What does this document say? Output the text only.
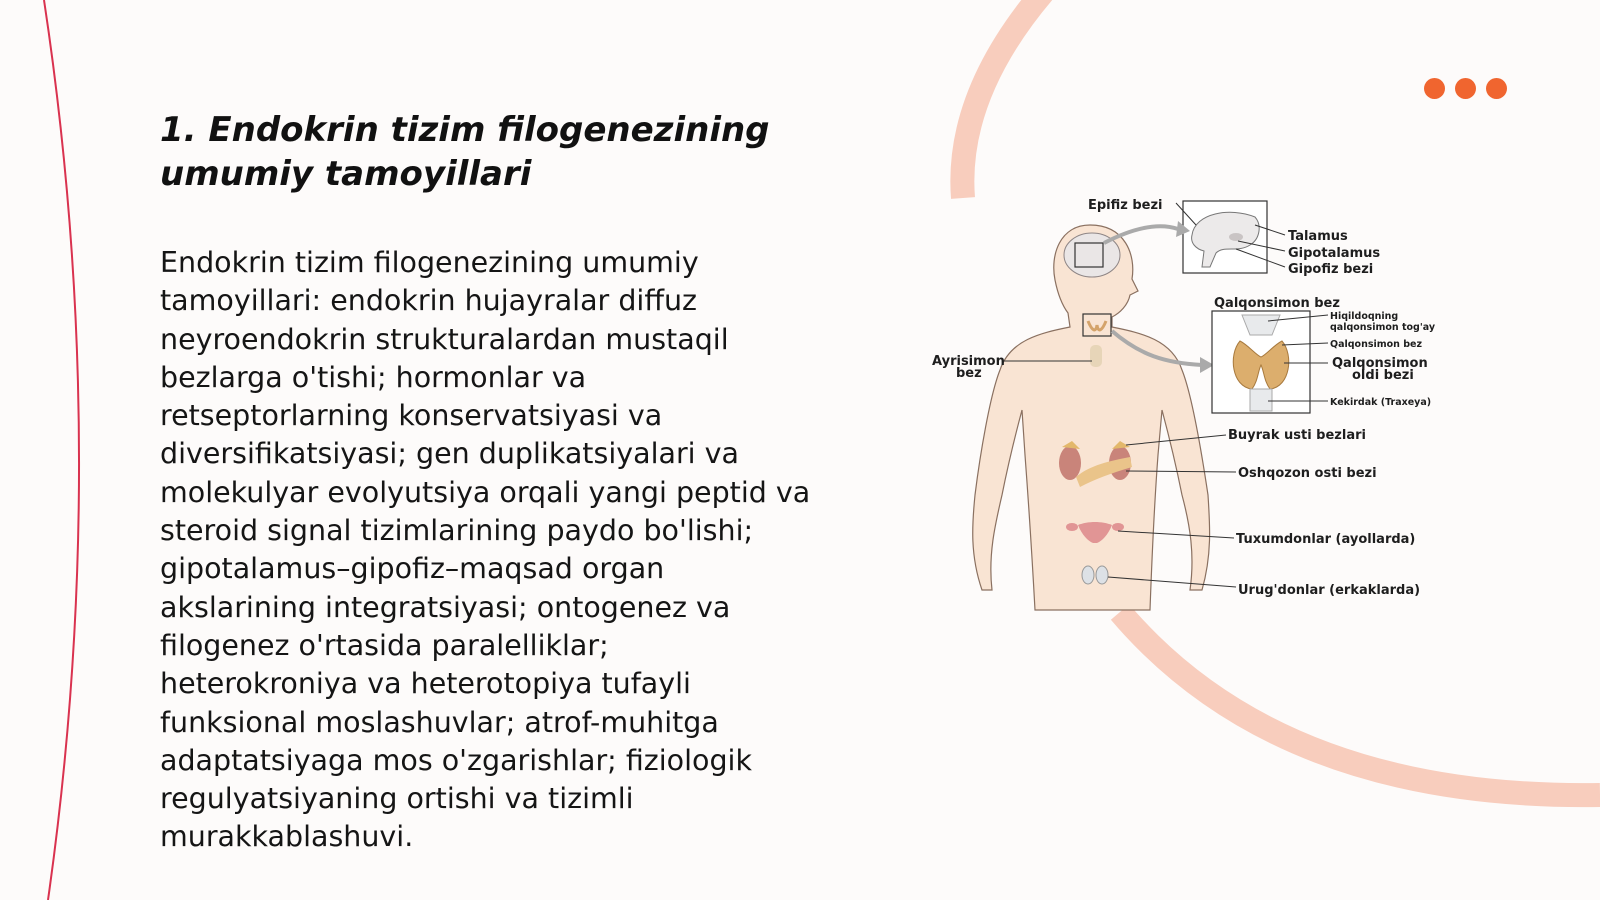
1. Endokrin tizim filogenezining
umumiy tamoyillari

Endokrin tizim filogenezining umumiy
tamoyillari: endokrin hujayralar diffuz
neyroendokrin strukturalardan mustaqil
bezlarga o'tishi; hormonlar va
retseptorlarning konservatsiyasi va
diversifikatsiyasi; gen duplikatsiyalari va
molekulyar evolyutsiya orqali yangi peptid va
steroid signal tizimlarining paydo bo'lishi;
gipotalamus–gipofiz–maqsad organ
akslarining integratsiyasi; ontogenez va
filogenez o'rtasida paralelliklar;
heterokroniya va heterotopiya tufayli
funksional moslashuvlar; atrof-muhitga
adaptatsiyaga mos o'zgarishlar; fiziologik
regulyatsiyaning ortishi va tizimli
murakkablashuvi.

Epifiz bezi
Talamus
Gipotalamus
Gipofiz bezi
Qalqonsimon bez
Hiqildoqning
qalqonsimon tog'ay
Qalqonsimon bez
Qalqonsimon
oldi bezi
Kekirdak (Traxeya)
Ayrisimon
bez
Buyrak usti bezlari
Oshqozon osti bezi
Tuxumdonlar (ayollarda)
Urug'donlar (erkaklarda)
